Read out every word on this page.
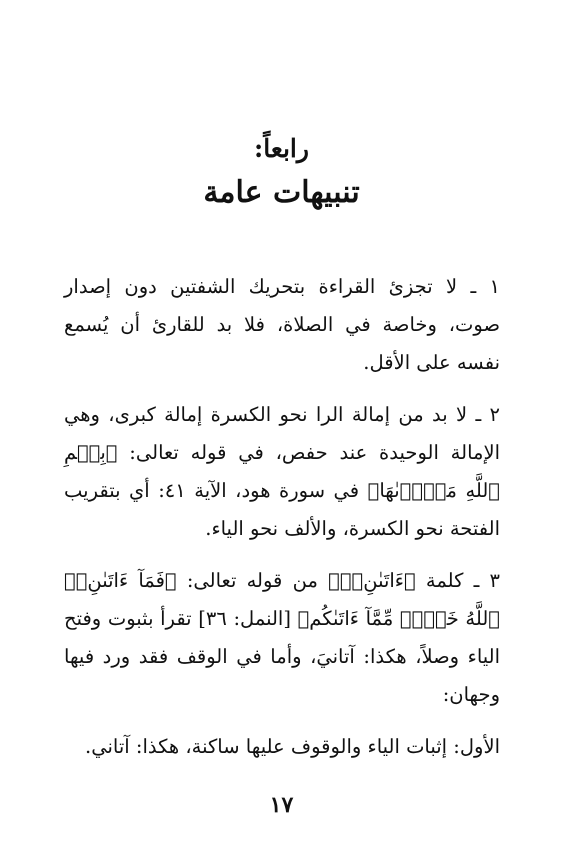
رابعاً:
تنبيهات عامة

١ ـ لا تجزئ القراءة بتحريك الشفتين دون إصدار صوت، وخاصة في الصلاة، فلا بد للقارئ أن يُسمع نفسه على الأقل.

٢ ـ لا بد من إمالة الرا نحو الكسرة إمالة كبرى، وهي الإمالة الوحيدة عند حفص، في قوله تعالى: ﴿بِسۡمِ ٱللَّهِ مَجۡر۪ىٰهَا﴾ في سورة هود، الآية ٤١: أي بتقريب الفتحة نحو الكسرة، والألف نحو الياء.

٣ ـ كلمة ﴿ءَاتَىٰنِۦَ﴾ من قوله تعالى: ﴿فَمَآ ءَاتَىٰنِۦَ ٱللَّهُ خَيۡرٞ مِّمَّآ ءَاتَىٰكُم﴾ [النمل: ٣٦] تقرأ بثبوت وفتح الياء وصلاً، هكذا: آتانيَ، وأما في الوقف فقد ورد فيها وجهان:

الأول: إثبات الياء والوقوف عليها ساكنة، هكذا: آتاني.

١٧
